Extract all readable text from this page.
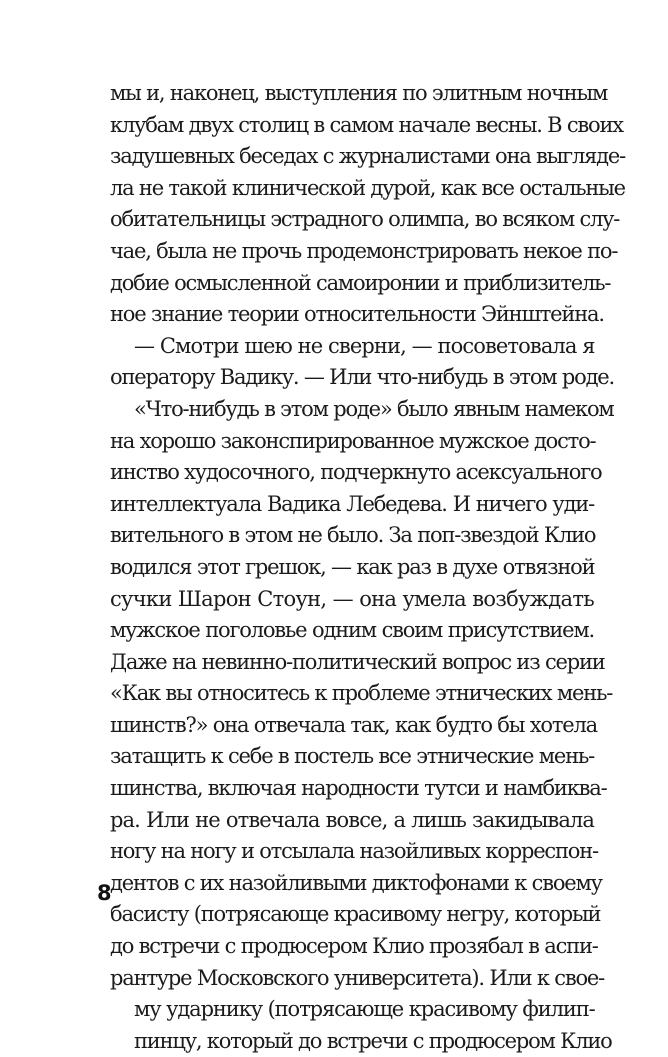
мы и, наконец, выступления по элитным ночным
клубам двух столиц в самом начале весны. В своих
задушевных беседах с журналистами она выгляде-
ла не такой клинической дурой, как все остальные
обитательницы эстрадного олимпа, во всяком слу-
чае, была не прочь продемонстрировать некое по-
добие осмысленной самоиронии и приблизитель-
ное знание теории относительности Эйнштейна.
— Смотри шею не сверни, — посоветовала я
оператору Вадику. — Или что-нибудь в этом роде.
«Что-нибудь в этом роде» было явным намеком
на хорошо законспирированное мужское досто-
инство худосочного, подчеркнуто асексуального
интеллектуала Вадика Лебедева. И ничего уди-
вительного в этом не было. За поп-звездой Клио
водился этот грешок, — как раз в духе отвязной
сучки Шарон Стоун, — она умела возбуждать
мужское поголовье одним своим присутствием.
Даже на невинно-политический вопрос из серии
«Как вы относитесь к проблеме этнических мень-
шинств?» она отвечала так, как будто бы хотела
затащить к себе в постель все этнические мень-
шинства, включая народности тутси и намбиква-
ра. Или не отвечала вовсе, а лишь закидывала
ногу на ногу и отсылала назойливых корреспон-
дентов с их назойливыми диктофонами к своему
басисту (потрясающе красивому негру, который
до встречи с продюсером Клио прозябал в аспи-
рантуре Московского университета). Или к свое-
му ударнику (потрясающе красивому филип-
пинцу, который до встречи с продюсером Клио
8
